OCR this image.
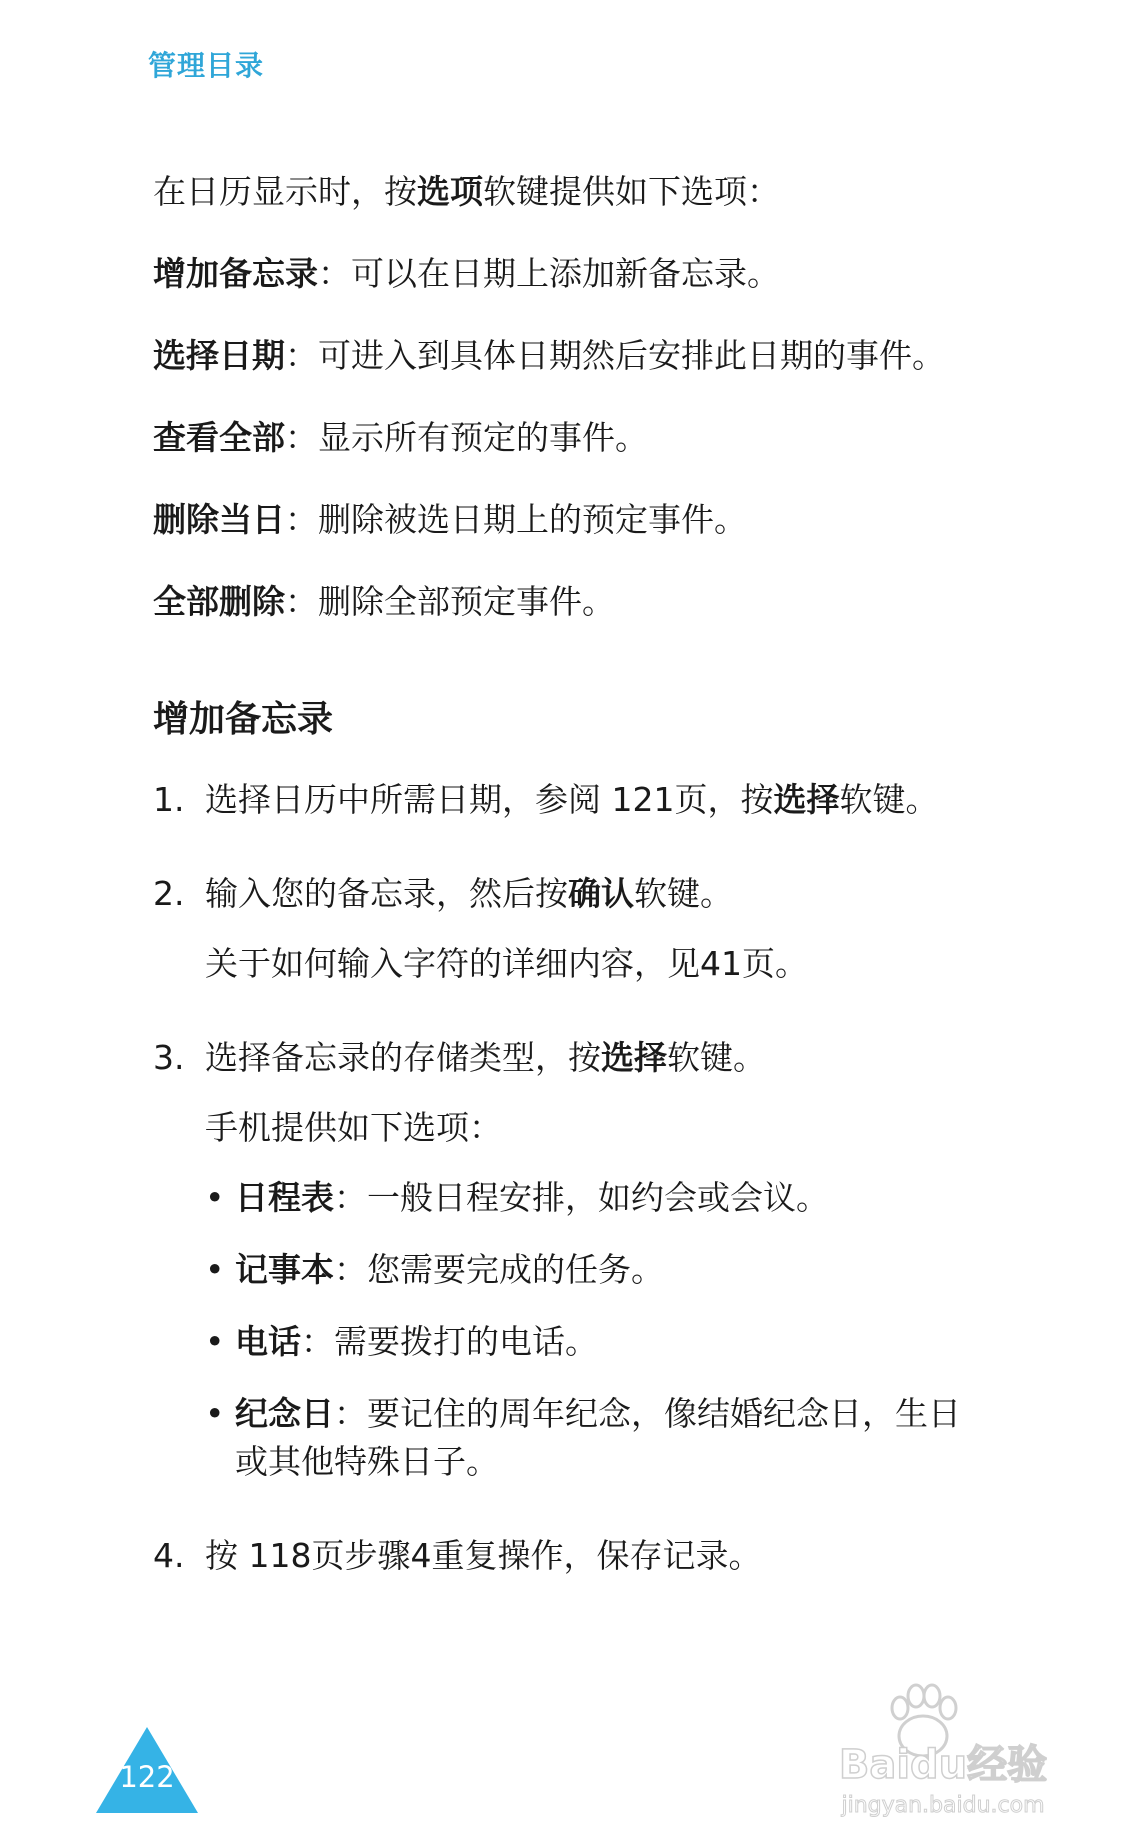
管理目录

在日历显示时，按选项软键提供如下选项：

增加备忘录：可以在日期上添加新备忘录。
选择日期：可进入到具体日期然后安排此日期的事件。
查看全部：显示所有预定的事件。
删除当日：删除被选日期上的预定事件。
全部删除：删除全部预定事件。
增加备忘录
1. 选择日历中所需日期，参阅 121页，按选择软键。

2. 输入您的备忘录，然后按确认软键。

关于如何输入字符的详细内容，见41页。

3. 选择备忘录的存储类型，按选择软键。

手机提供如下选项：

• 日程表：一般日程安排，如约会或会议。
• 记事本：您需要完成的任务。
• 电话：需要拨打的电话。
• 纪念日：要记住的周年纪念，像结婚纪念日，生日或其他特殊日子。
4. 按 118页步骤4重复操作，保存记录。

122	Baidu经验
jingyan.baidu.com
